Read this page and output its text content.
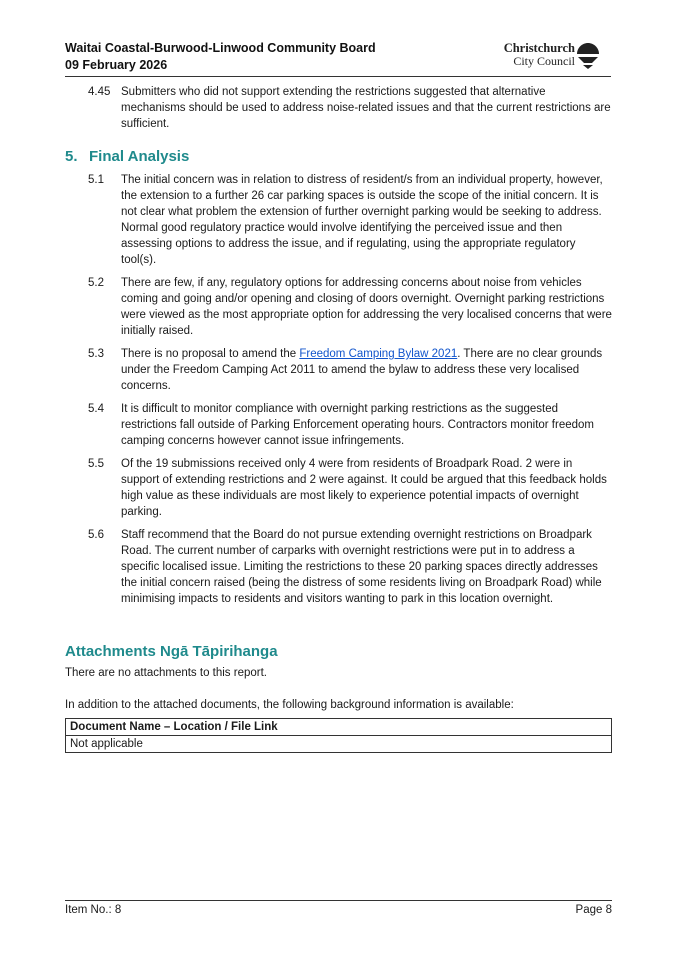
Waitai Coastal-Burwood-Linwood Community Board
09 February 2026
Christchurch
City Council
4.45 Submitters who did not support extending the restrictions suggested that alternative mechanisms should be used to address noise-related issues and that the current restrictions are sufficient.
5. Final Analysis
5.1	The initial concern was in relation to distress of resident/s from an individual property, however, the extension to a further 26 car parking spaces is outside the scope of the initial concern. It is not clear what problem the extension of further overnight parking would be seeking to address. Normal good regulatory practice would involve identifying the perceived issue and then assessing options to address the issue, and if regulating, using the appropriate regulatory tool(s).
5.2	There are few, if any, regulatory options for addressing concerns about noise from vehicles coming and going and/or opening and closing of doors overnight. Overnight parking restrictions were viewed as the most appropriate option for addressing the very localised concerns that were initially raised.
5.3	There is no proposal to amend the Freedom Camping Bylaw 2021. There are no clear grounds under the Freedom Camping Act 2011 to amend the bylaw to address these very localised concerns.
5.4	It is difficult to monitor compliance with overnight parking restrictions as the suggested restrictions fall outside of Parking Enforcement operating hours. Contractors monitor freedom camping concerns however cannot issue infringements.
5.5	Of the 19 submissions received only 4 were from residents of Broadpark Road. 2 were in support of extending restrictions and 2 were against. It could be argued that this feedback holds high value as these individuals are most likely to experience potential impacts of overnight parking.
5.6	Staff recommend that the Board do not pursue extending overnight restrictions on Broadpark Road. The current number of carparks with overnight restrictions were put in to address a specific localised issue. Limiting the restrictions to these 20 parking spaces directly addresses the initial concern raised (being the distress of some residents living on Broadpark Road) while minimising impacts to residents and visitors wanting to park in this location overnight.
Attachments Ngā Tāpirihanga
There are no attachments to this report.
In addition to the attached documents, the following background information is available:
Document Name – Location / File Link
Not applicable
Item No.: 8	Page 8
